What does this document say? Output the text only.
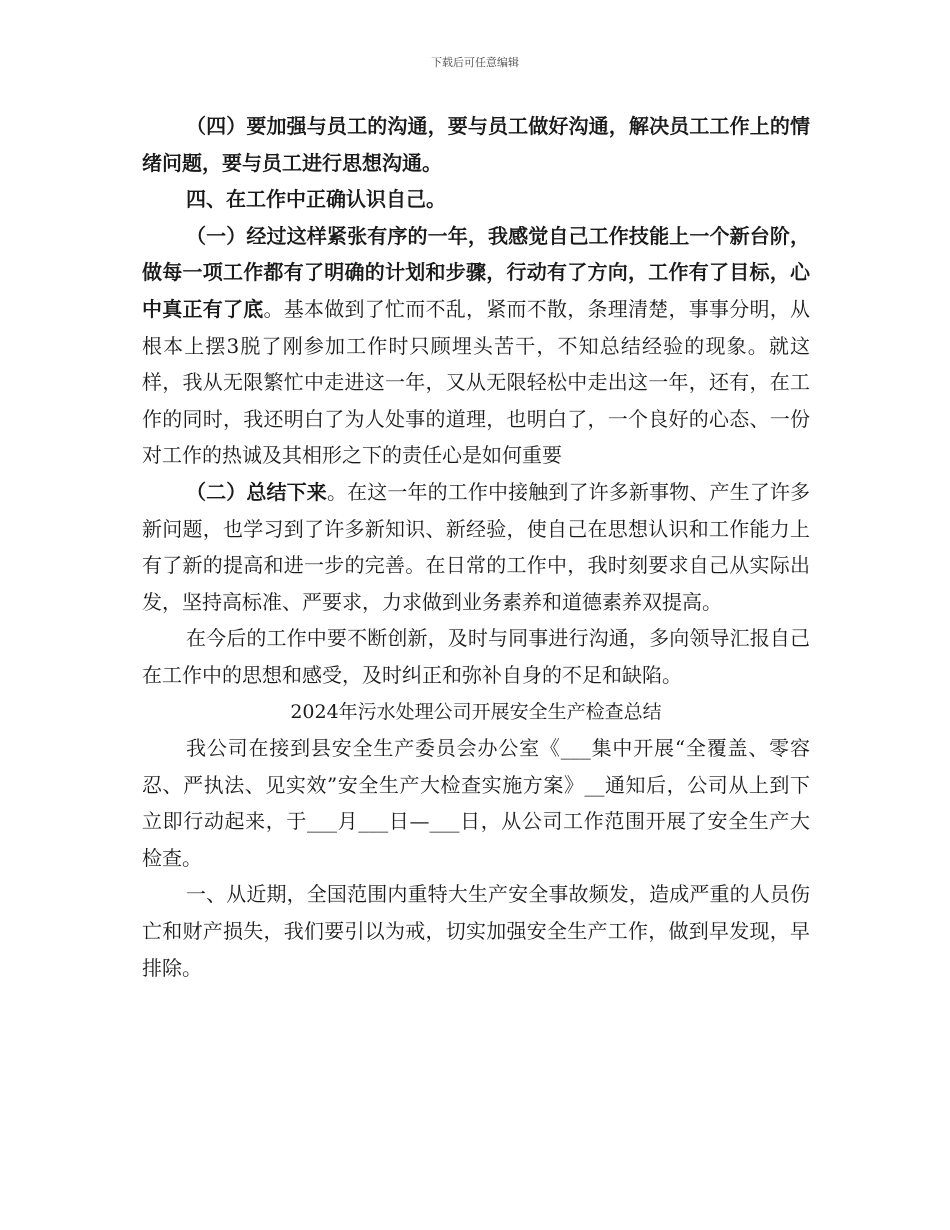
下载后可任意编辑

（四）要加强与员工的沟通，要与员工做好沟通，解决员工工作上的情绪问题，要与员工进行思想沟通。

四、在工作中正确认识自己。

（一）经过这样紧张有序的一年，我感觉自己工作技能上一个新台阶，做每一项工作都有了明确的计划和步骤，行动有了方向，工作有了目标，心中真正有了底。基本做到了忙而不乱，紧而不散，条理清楚，事事分明，从根本上摆3脱了刚参加工作时只顾埋头苦干，不知总结经验的现象。就这样，我从无限繁忙中走进这一年，又从无限轻松中走出这一年，还有，在工作的同时，我还明白了为人处事的道理，也明白了，一个良好的心态、一份对工作的热诚及其相形之下的责任心是如何重要

（二）总结下来。在这一年的工作中接触到了许多新事物、产生了许多新问题，也学习到了许多新知识、新经验，使自己在思想认识和工作能力上有了新的提高和进一步的完善。在日常的工作中，我时刻要求自己从实际出发，坚持高标准、严要求，力求做到业务素养和道德素养双提高。

在今后的工作中要不断创新，及时与同事进行沟通，多向领导汇报自己在工作中的思想和感受，及时纠正和弥补自身的不足和缺陷。

2024年污水处理公司开展安全生产检查总结

我公司在接到县安全生产委员会办公室《___集中开展“全覆盖、零容忍、严执法、见实效”安全生产大检查实施方案》__通知后，公司从上到下立即行动起来，于___月___日—___日，从公司工作范围开展了安全生产大检查。

一、从近期，全国范围内重特大生产安全事故频发，造成严重的人员伤亡和财产损失，我们要引以为戒，切实加强安全生产工作，做到早发现，早排除。
